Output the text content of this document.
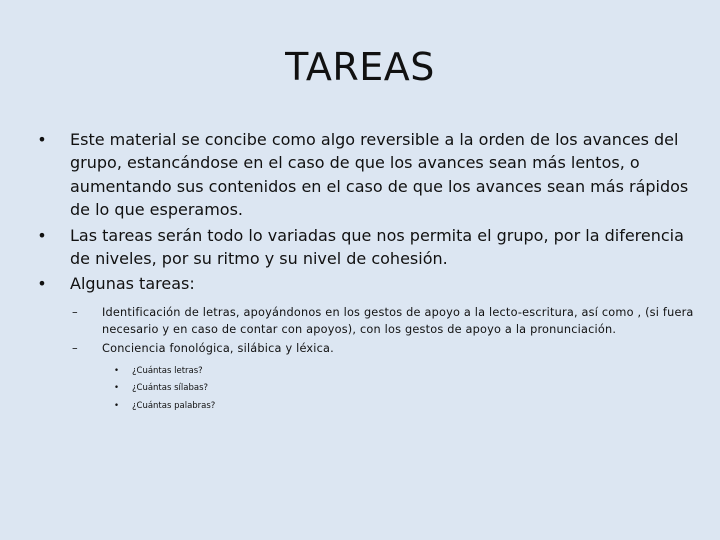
TAREAS
• Este material se concibe como algo reversible a la orden de los avances del grupo, estancándose en el caso de que los avances sean más lentos, o aumentando sus contenidos en el caso de que los avances sean más rápidos de lo que esperamos.
• Las tareas serán todo lo variadas que nos permita el grupo, por la diferencia de niveles, por su ritmo y su nivel de cohesión.
• Algunas tareas:
–	Identificación de letras, apoyándonos en los gestos de apoyo a la lecto-escritura, así como , (si fuera necesario y en caso de contar con apoyos), con los gestos de apoyo a la pronunciación.
–	Conciencia fonológica, silábica y léxica.
•	¿Cuántas letras?
•	¿Cuántas sílabas?
•	¿Cuántas palabras?
